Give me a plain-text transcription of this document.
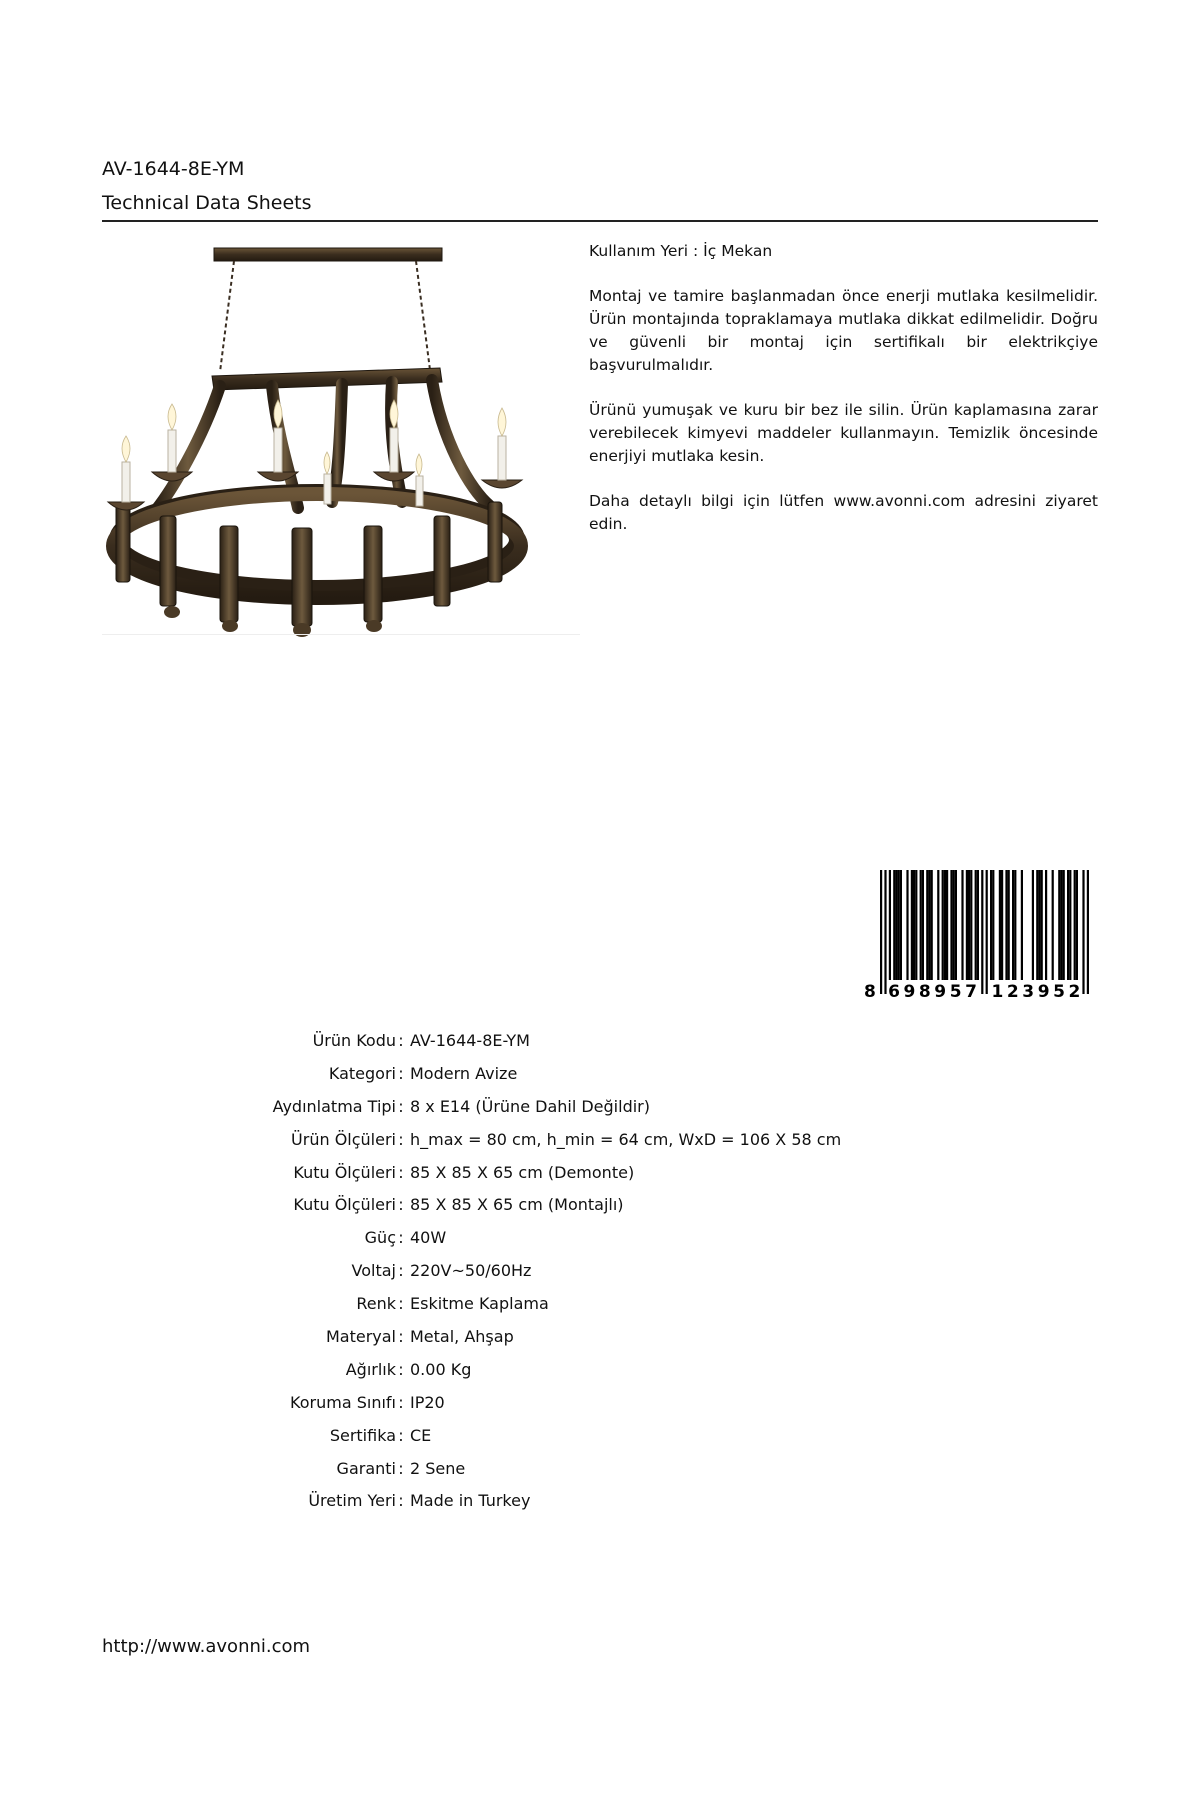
AV-1644-8E-YM
Technical Data Sheets

Kullanım Yeri : İç Mekan

Montaj ve tamire başlanmadan önce enerji mutlaka kesilmelidir. Ürün montajında topraklamaya mutlaka dikkat edilmelidir. Doğru ve güvenli bir montaj için sertifikalı bir elektrikçiye başvurulmalıdır.

Ürünü yumuşak ve kuru bir bez ile silin. Ürün kaplamasına zarar verebilecek kimyevi maddeler kullanmayın. Temizlik öncesinde enerjiyi mutlaka kesin.

Daha detaylı bilgi için lütfen www.avonni.com adresini ziyaret edin.

8 6 9 8 9 5 7 1 2 3 9 5 2
Ürün Kodu : AV-1644-8E-YM
Kategori : Modern Avize
Aydınlatma Tipi : 8 x E14 (Ürüne Dahil Değildir)
Ürün Ölçüleri : h_max = 80 cm, h_min = 64 cm, WxD = 106 X 58 cm
Kutu Ölçüleri : 85 X 85 X 65 cm (Demonte)
Kutu Ölçüleri : 85 X 85 X 65 cm (Montajlı)
Güç : 40W
Voltaj : 220V~50/60Hz
Renk : Eskitme Kaplama
Materyal : Metal, Ahşap
Ağırlık : 0.00 Kg
Koruma Sınıfı : IP20
Sertifika : CE
Garanti : 2 Sene
Üretim Yeri : Made in Turkey
http://www.avonni.com
